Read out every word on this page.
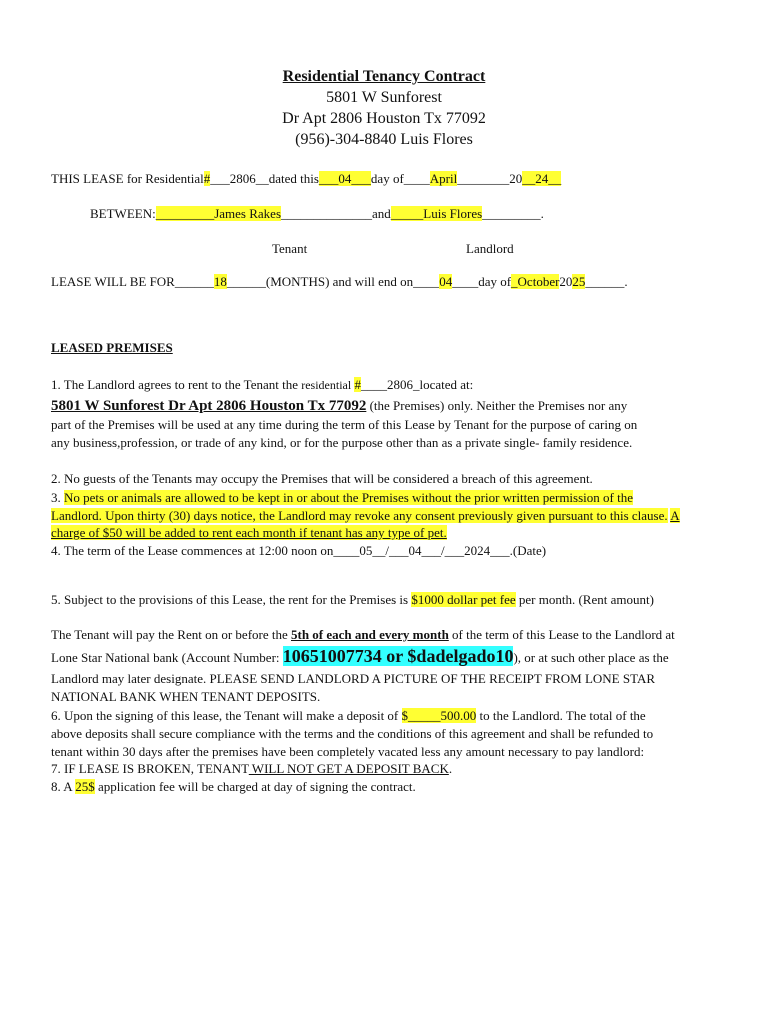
Residential Tenancy Contract
5801 W Sunforest
Dr Apt 2806 Houston Tx 77092
(956)-304-8840 Luis Flores
THIS LEASE for Residential#___2806__dated this___04___day of____April________20__24__
BETWEEN:_________James Rakes______________and_____Luis Flores_________.
Tenant	Landlord
LEASE WILL BE FOR______18______(MONTHS) and will end on____04____day of_October2025______.
LEASED PREMISES
1. The Landlord agrees to rent to the Tenant the residential #____2806_located at:
5801 W Sunforest Dr Apt 2806 Houston Tx 77092 (the Premises) only. Neither the Premises nor any
part of the Premises will be used at any time during the term of this Lease by Tenant for the purpose of caring on
any business,profession, or trade of any kind, or for the purpose other than as a private single- family residence.
2. No guests of the Tenants may occupy the Premises that will be considered a breach of this agreement.
3. No pets or animals are allowed to be kept in or about the Premises without the prior written permission of the
Landlord. Upon thirty (30) days notice, the Landlord may revoke any consent previously given pursuant to this clause. A
charge of $50 will be added to rent each month if tenant has any type of pet.
4. The term of the Lease commences at 12:00 noon on____05__/___04___/___2024___.(Date)
5. Subject to the provisions of this Lease, the rent for the Premises is $1000 dollar pet fee per month. (Rent amount)
The Tenant will pay the Rent on or before the 5th of each and every month of the term of this Lease to the Landlord at
Lone Star National bank (Account Number: 10651007734 or $dadelgado10), or at such other place as the
Landlord may later designate. PLEASE SEND LANDLORD A PICTURE OF THE RECEIPT FROM LONE STAR
NATIONAL BANK WHEN TENANT DEPOSITS.
6. Upon the signing of this lease, the Tenant will make a deposit of $_____500.00 to the Landlord. The total of the
above deposits shall secure compliance with the terms and the conditions of this agreement and shall be refunded to
tenant within 30 days after the premises have been completely vacated less any amount necessary to pay landlord:
7. IF LEASE IS BROKEN, TENANT WILL NOT GET A DEPOSIT BACK.
8. A 25$ application fee will be charged at day of signing the contract.
